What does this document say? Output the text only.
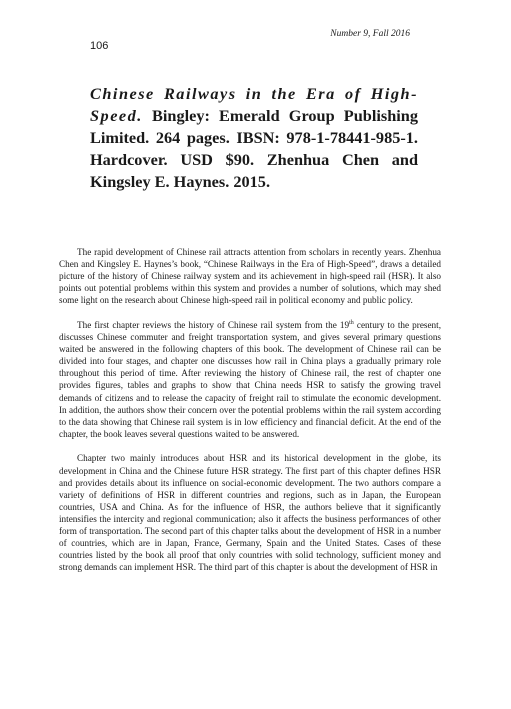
Number 9, Fall 2016
106
Chinese Railways in the Era of High-Speed. Bingley: Emerald Group Publishing Limited. 264 pages. IBSN: 978-1-78441-985-1. Hardcover. USD $90. Zhenhua Chen and Kingsley E. Haynes. 2015.

The rapid development of Chinese rail attracts attention from scholars in recently years. Zhenhua Chen and Kingsley E. Haynes’s book, “Chinese Railways in the Era of High-Speed”, draws a detailed picture of the history of Chinese railway system and its achievement in high-speed rail (HSR). It also points out potential problems within this system and provides a number of solutions, which may shed some light on the research about Chinese high-speed rail in political economy and public policy.

The first chapter reviews the history of Chinese rail system from the 19th century to the present, discusses Chinese commuter and freight transportation system, and gives several primary questions waited be answered in the following chapters of this book. The development of Chinese rail can be divided into four stages, and chapter one discusses how rail in China plays a gradually primary role throughout this period of time. After reviewing the history of Chinese rail, the rest of chapter one provides figures, tables and graphs to show that China needs HSR to satisfy the growing travel demands of citizens and to release the capacity of freight rail to stimulate the economic development. In addition, the authors show their concern over the potential problems within the rail system according to the data showing that Chinese rail system is in low efficiency and financial deficit. At the end of the chapter, the book leaves several questions waited to be answered.

Chapter two mainly introduces about HSR and its historical development in the globe, its development in China and the Chinese future HSR strategy. The first part of this chapter defines HSR and provides details about its influence on social-economic development. The two authors compare a variety of definitions of HSR in different countries and regions, such as in Japan, the European countries, USA and China. As for the influence of HSR, the authors believe that it significantly intensifies the intercity and regional communication; also it affects the business performances of other form of transportation. The second part of this chapter talks about the development of HSR in a number of countries, which are in Japan, France, Germany, Spain and the United States. Cases of these countries listed by the book all proof that only countries with solid technology, sufficient money and strong demands can implement HSR. The third part of this chapter is about the development of HSR in
